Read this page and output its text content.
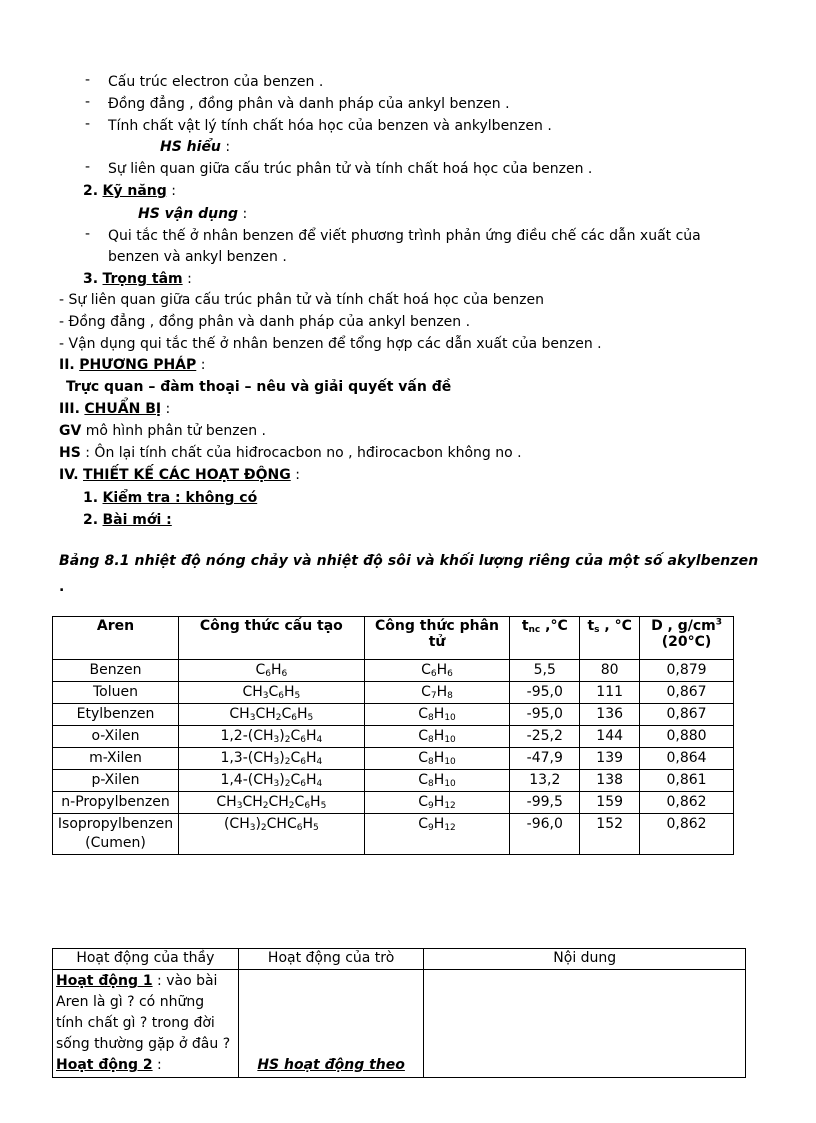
- Cấu trúc electron của benzen .
- Đồng đẳng , đồng phân và danh pháp của ankyl benzen .
- Tính chất vật lý tính chất hóa học của benzen và ankylbenzen .
HS hiểu :
- Sự liên quan giữa cấu trúc phân tử và tính chất hoá học của benzen .
2. Kỹ năng :
HS vận dụng :
- Qui tắc thế ở nhân benzen để viết phương trình phản ứng điều chế các dẫn xuất của
benzen và ankyl benzen .
3. Trọng tâm :
- Sự liên quan giữa cấu trúc phân tử và tính chất hoá học của benzen
- Đồng đẳng , đồng phân và danh pháp của ankyl benzen .
- Vận dụng qui tắc thế ở nhân benzen để tổng hợp các dẫn xuất của benzen .
II. PHƯƠNG PHÁP :
Trực quan – đàm thoại – nêu và giải quyết vấn đề
III. CHUẨN BỊ :
GV mô hình phân tử benzen .
HS : Ôn lại tính chất của hiđrocacbon no , hđirocacbon không no .
IV. THIẾT KẾ CÁC HOẠT ĐỘNG :
1. Kiểm tra : không có
2. Bài mới :
Bảng 8.1 nhiệt độ nóng chảy và nhiệt độ sôi và khối lượng riêng của một số akylbenzen
.
Aren	Công thức cấu tạo	Công thức phân tử	$t_{nc}$ ,°C	$t_s$ , °C	D , $g/cm^3$
(20°C)
Benzen	$C_6H_6$	$C_6H_6$	5,5	80	0,879
Toluen	$CH_3C_6H_5$	$C_7H_8$	-95,0	111	0,867
Etylbenzen	$CH_3CH_2C_6H_5$	$C_8H_{10}$	-95,0	136	0,867
o-Xilen	$1,2-(CH_3)_2C_6H_4$	$C_8H_{10}$	-25,2	144	0,880
m-Xilen	$1,3-(CH_3)_2C_6H_4$	$C_8H_{10}$	-47,9	139	0,864
p-Xilen	$1,4-(CH_3)_2C_6H_4$	$C_8H_{10}$	13,2	138	0,861
n-Propylbenzen	$CH_3CH_2CH_2C_6H_5$	$C_9H_{12}$	-99,5	159	0,862
Isopropylbenzen (Cumen)	$(CH_3)_2CHC_6H_5$	$C_9H_{12}$	-96,0	152	0,862
Hoạt động của thầy	Hoạt động của trò	Nội dung

Hoạt động 1 : vào bài
Aren là gì ? có những tính chất gì ? trong đời sống thường gặp ở đâu ?
Hoạt động 2 :	HS hoạt động theo	
